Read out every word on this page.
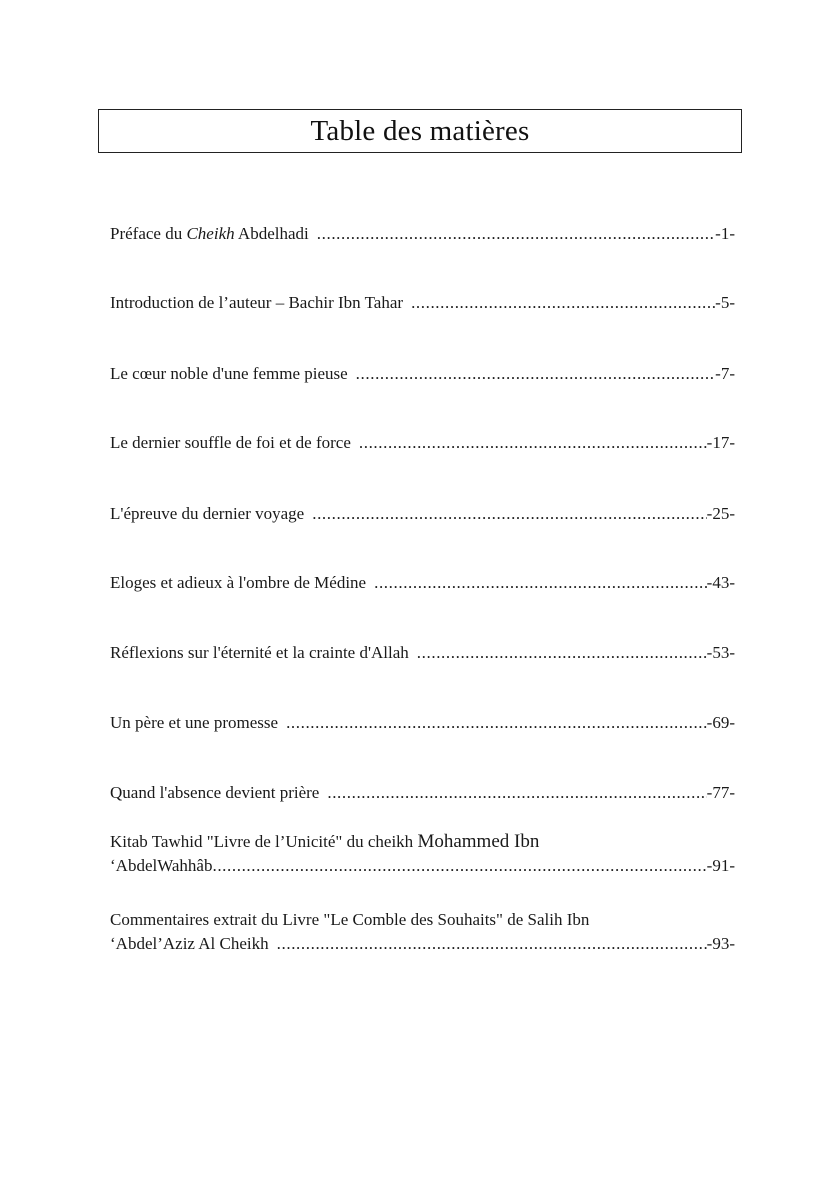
Table des matières
Préface du Cheikh Abdelhadi .....	-1-
Introduction de l’auteur – Bachir Ibn Tahar .....	-5-
Le cœur noble d'une femme pieuse .....	-7-
Le dernier souffle de foi et de force .....	-17-
L'épreuve du dernier voyage .....	-25-
Eloges et adieux à l'ombre de Médine .....	-43-
Réflexions sur l'éternité et la crainte d'Allah .....	-53-
Un père et une promesse .....	-69-
Quand l'absence devient prière .....	-77-
Kitab Tawhid "Livre de l’Unicité" du cheikh Mohammed Ibn
‘AbdelWahhâb .....	-91-
Commentaires extrait du Livre "Le Comble des Souhaits" de Salih Ibn
‘Abdel’Aziz Al Cheikh .....	-93-
